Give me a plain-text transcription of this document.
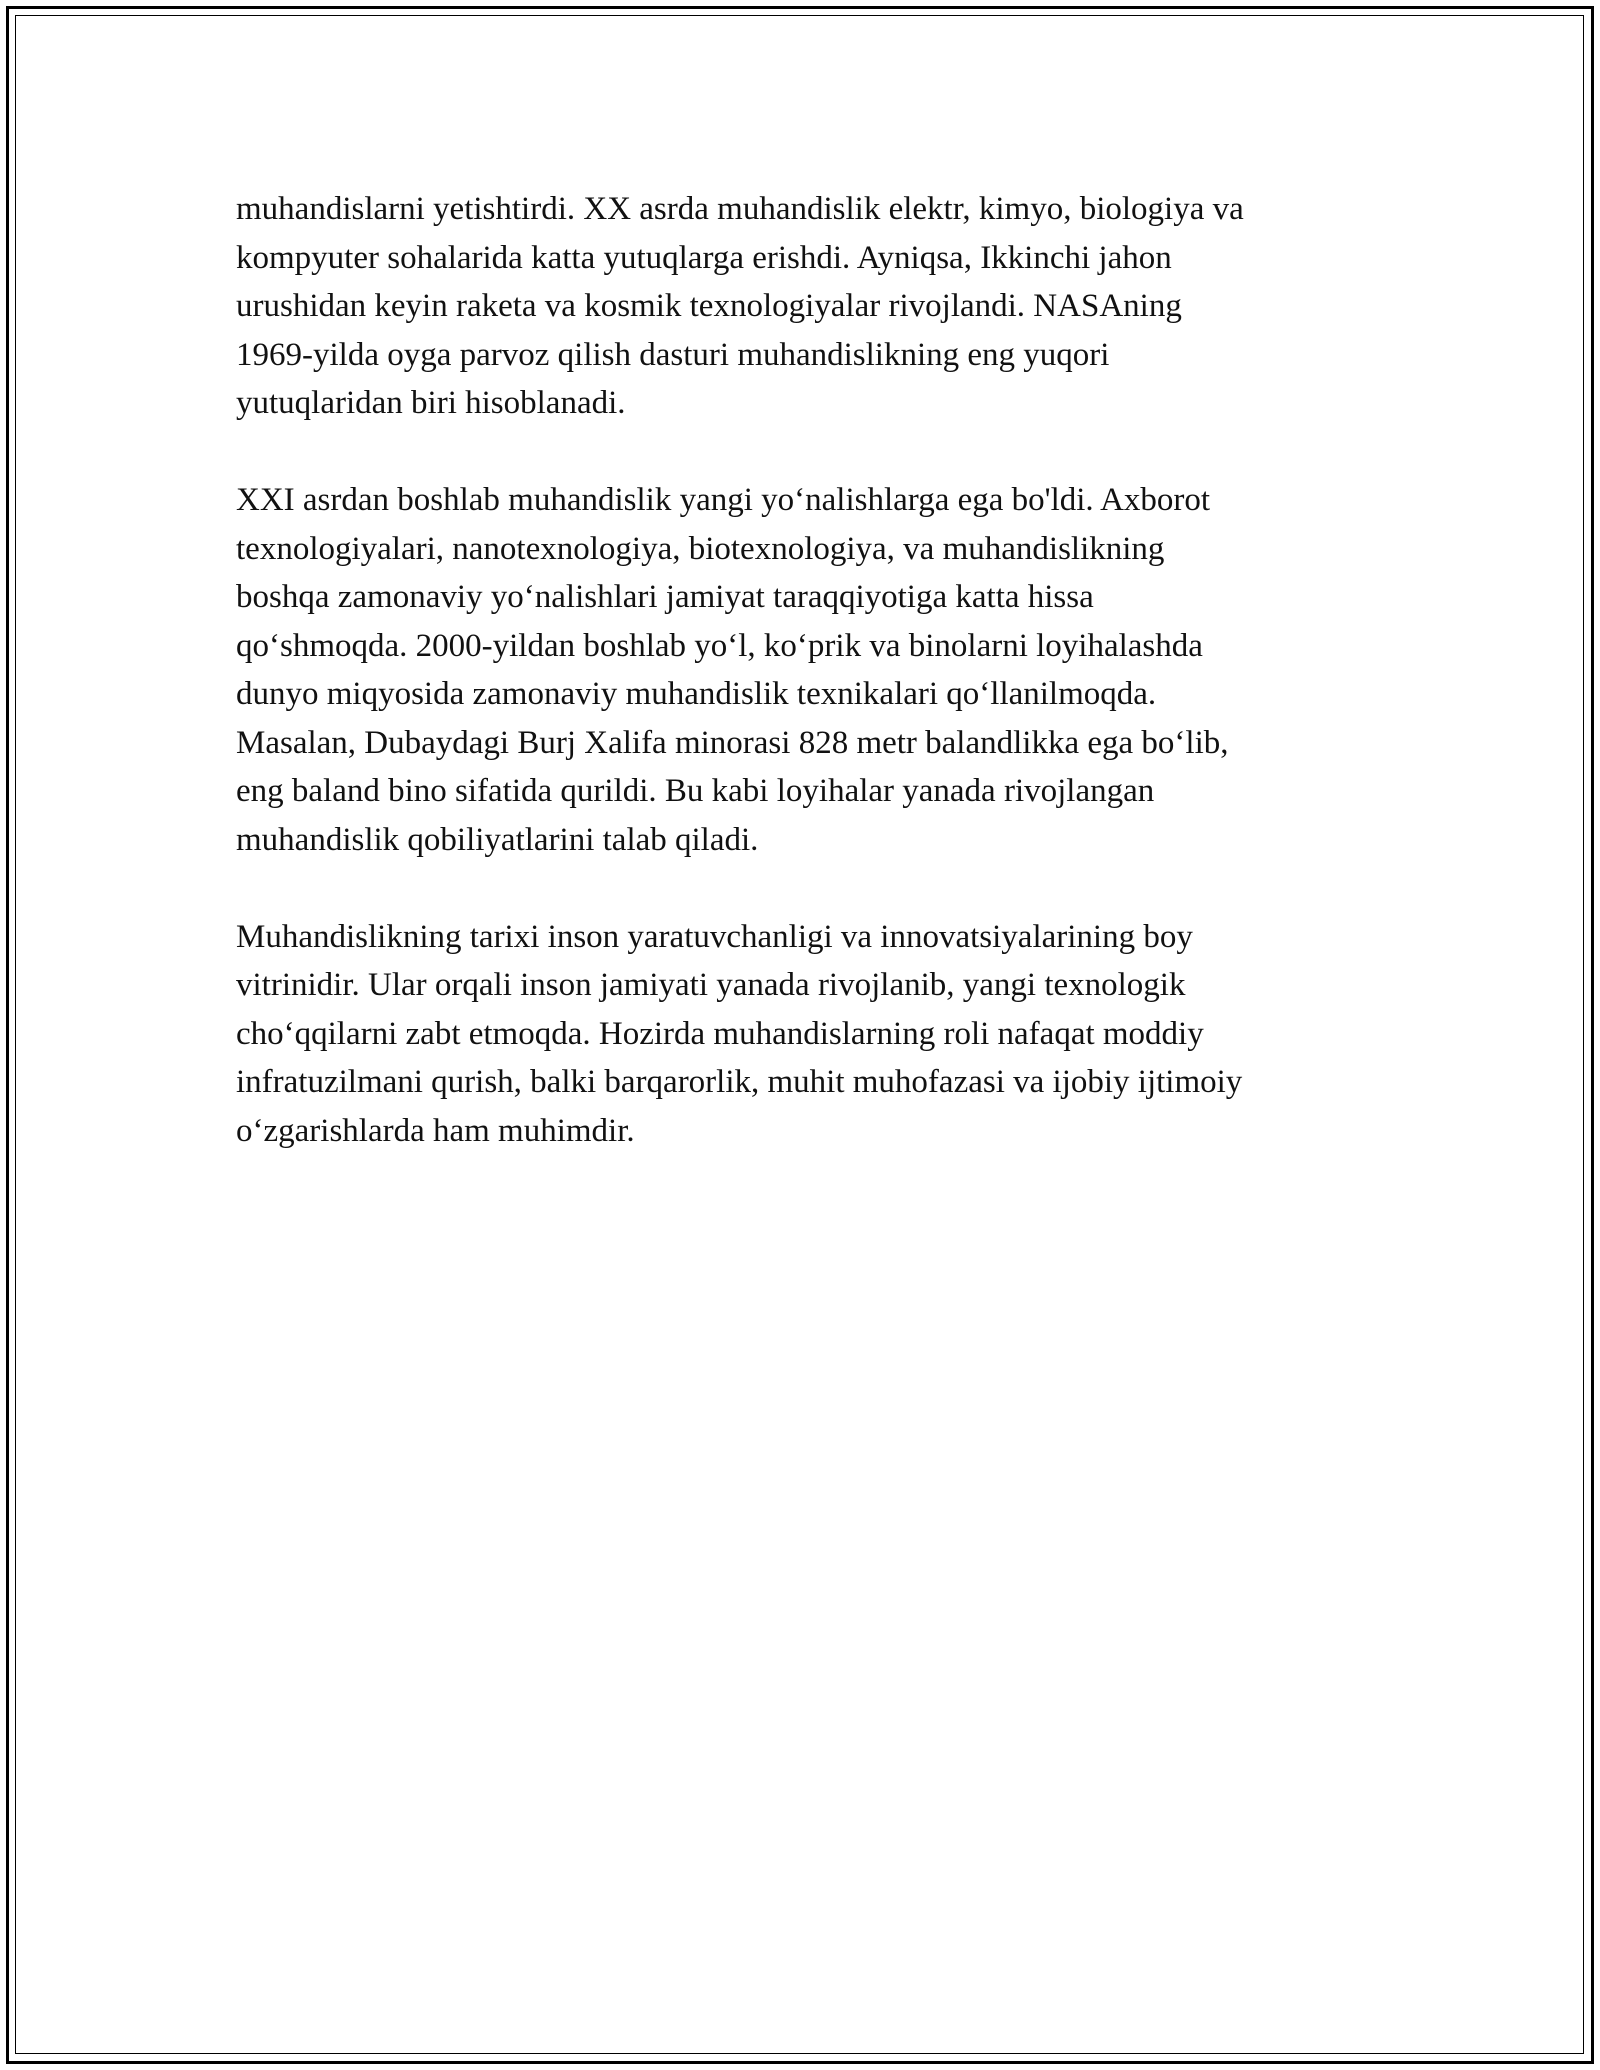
muhandislarni yetishtirdi. XX asrda muhandislik elektr, kimyo, biologiya va
kompyuter sohalarida katta yutuqlarga erishdi. Ayniqsa, Ikkinchi jahon
urushidan keyin raketa va kosmik texnologiyalar rivojlandi. NASAning
1969-yilda oyga parvoz qilish dasturi muhandislikning eng yuqori
yutuqlaridan biri hisoblanadi.

XXI asrdan boshlab muhandislik yangi yo‘nalishlarga ega bo'ldi. Axborot
texnologiyalari, nanotexnologiya, biotexnologiya, va muhandislikning
boshqa zamonaviy yo‘nalishlari jamiyat taraqqiyotiga katta hissa
qo‘shmoqda. 2000-yildan boshlab yo‘l, ko‘prik va binolarni loyihalashda
dunyo miqyosida zamonaviy muhandislik texnikalari qo‘llanilmoqda.
Masalan, Dubaydagi Burj Xalifa minorasi 828 metr balandlikka ega bo‘lib,
eng baland bino sifatida qurildi. Bu kabi loyihalar yanada rivojlangan
muhandislik qobiliyatlarini talab qiladi.

Muhandislikning tarixi inson yaratuvchanligi va innovatsiyalarining boy
vitrinidir. Ular orqali inson jamiyati yanada rivojlanib, yangi texnologik
cho‘qqilarni zabt etmoqda. Hozirda muhandislarning roli nafaqat moddiy
infratuzilmani qurish, balki barqarorlik, muhit muhofazasi va ijobiy ijtimoiy
o‘zgarishlarda ham muhimdir.
